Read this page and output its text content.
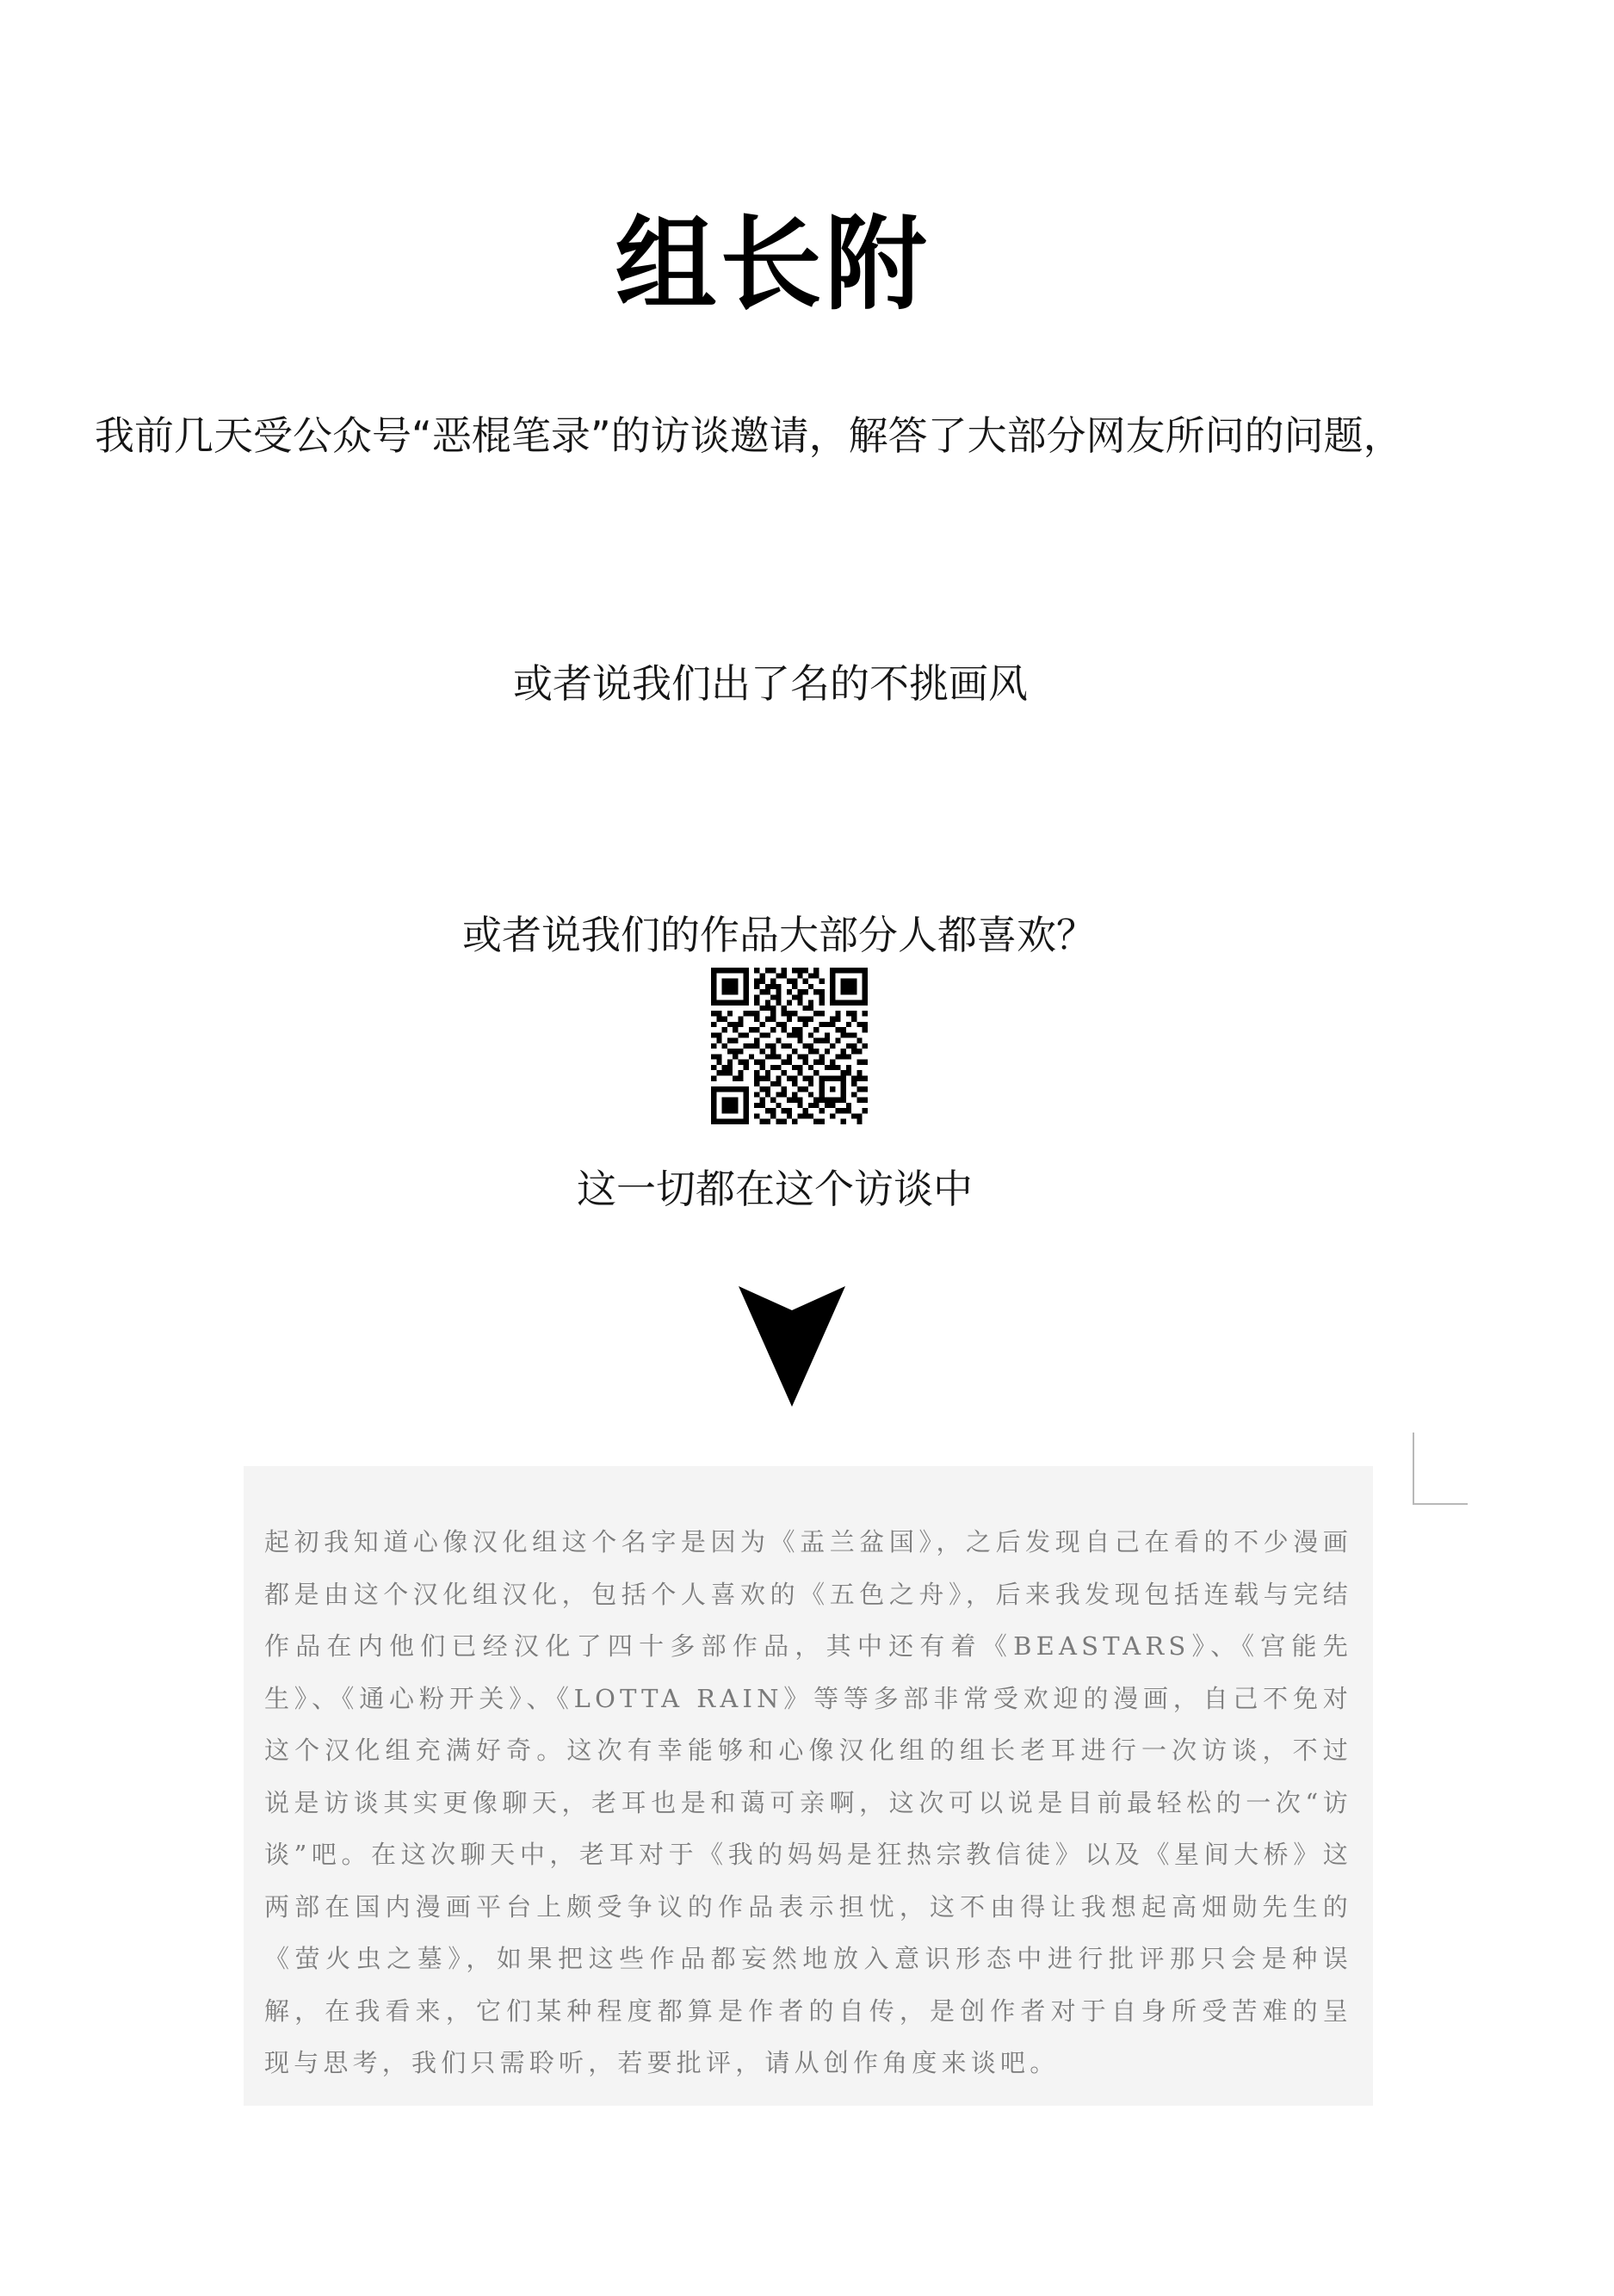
组长附
我前几天受公众号“恶棍笔录”的访谈邀请，解答了大部分网友所问的问题，
或者说我们出了名的不挑画风
或者说我们的作品大部分人都喜欢？
这一切都在这个访谈中

起初我知道心像汉化组这个名字是因为《盂兰盆国》，之后发现自己在看的不少漫画都是由这个汉化组汉化，包括个人喜欢的《五色之舟》，后来我发现包括连载与完结作品在内他们已经汉化了四十多部作品，其中还有着《BEASTARS》、《宫能先生》、《通心粉开关》、《LOTTA RAIN》等等多部非常受欢迎的漫画，自己不免对这个汉化组充满好奇。这次有幸能够和心像汉化组的组长老耳进行一次访谈，不过说是访谈其实更像聊天，老耳也是和蔼可亲啊，这次可以说是目前最轻松的一次“访谈”吧。在这次聊天中，老耳对于《我的妈妈是狂热宗教信徒》以及《星间大桥》这两部在国内漫画平台上颇受争议的作品表示担忧，这不由得让我想起高畑勋先生的《萤火虫之墓》，如果把这些作品都妄然地放入意识形态中进行批评那只会是种误解，在我看来，它们某种程度都算是作者的自传，是创作者对于自身所受苦难的呈现与思考，我们只需聆听，若要批评，请从创作角度来谈吧。
